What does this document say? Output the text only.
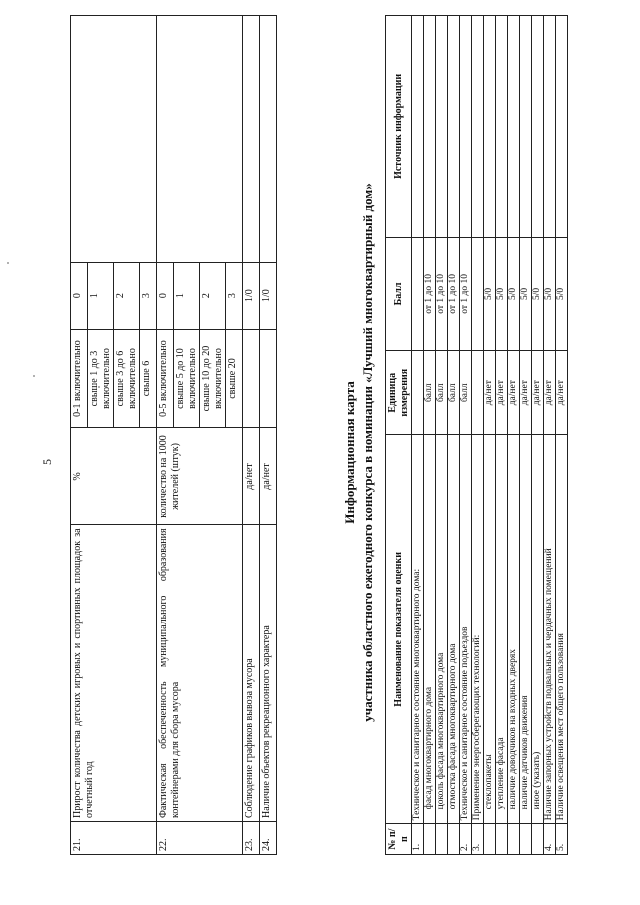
5
21.	Прирост количества детских игровых и спортивных площадок за отчетный год	%	0-1 включительно	0	
			свыше 1 до 3 включительно	1	
			свыше 3 до 6 включительно	2	
			свыше 6	3	
22.	Фактическая обеспеченность муниципального образования контейнерами для сбора мусора	количество на 1000 жителей (штук)	0-5 включительно	0	
			свыше 5 до 10 включительно	1	
			свыше 10 до 20 включительно	2	
			свыше 20	3	
23.	Соблюдение графиков вывоза мусора	да/нет		1/0	
24.	Наличие объектов рекреационного характера	да/нет		1/0	
Информационная карта участника областного ежегодного конкурса в номинации «Лучший многоквартирный дом»
№ п/п	Наименование показателя оценки	Единица измерения	Балл	Источник информации
1.	Техническое и санитарное состояние многоквартирного дома:			
	фасад многоквартирного дома	балл	от 1 до 10	
	цоколь фасада многоквартирного дома	балл	от 1 до 10	
	отмостка фасада многоквартирного дома	балл	от 1 до 10	
2.	Техническое и санитарное состояние подъездов	балл	от 1 до 10	
3.	Применение энергосберегающих технологий:			
	стеклопакеты	да/нет	5/0	
	утепление фасада	да/нет	5/0	
	наличие доводчиков на входных дверях	да/нет	5/0	
	наличие датчиков движения	да/нет	5/0	
	иное (указать)	да/нет	5/0	
4.	Наличие запорных устройств подвальных и чердачных помещений	да/нет	5/0	
5.	Наличие освещения мест общего пользования	да/нет	5/0	
